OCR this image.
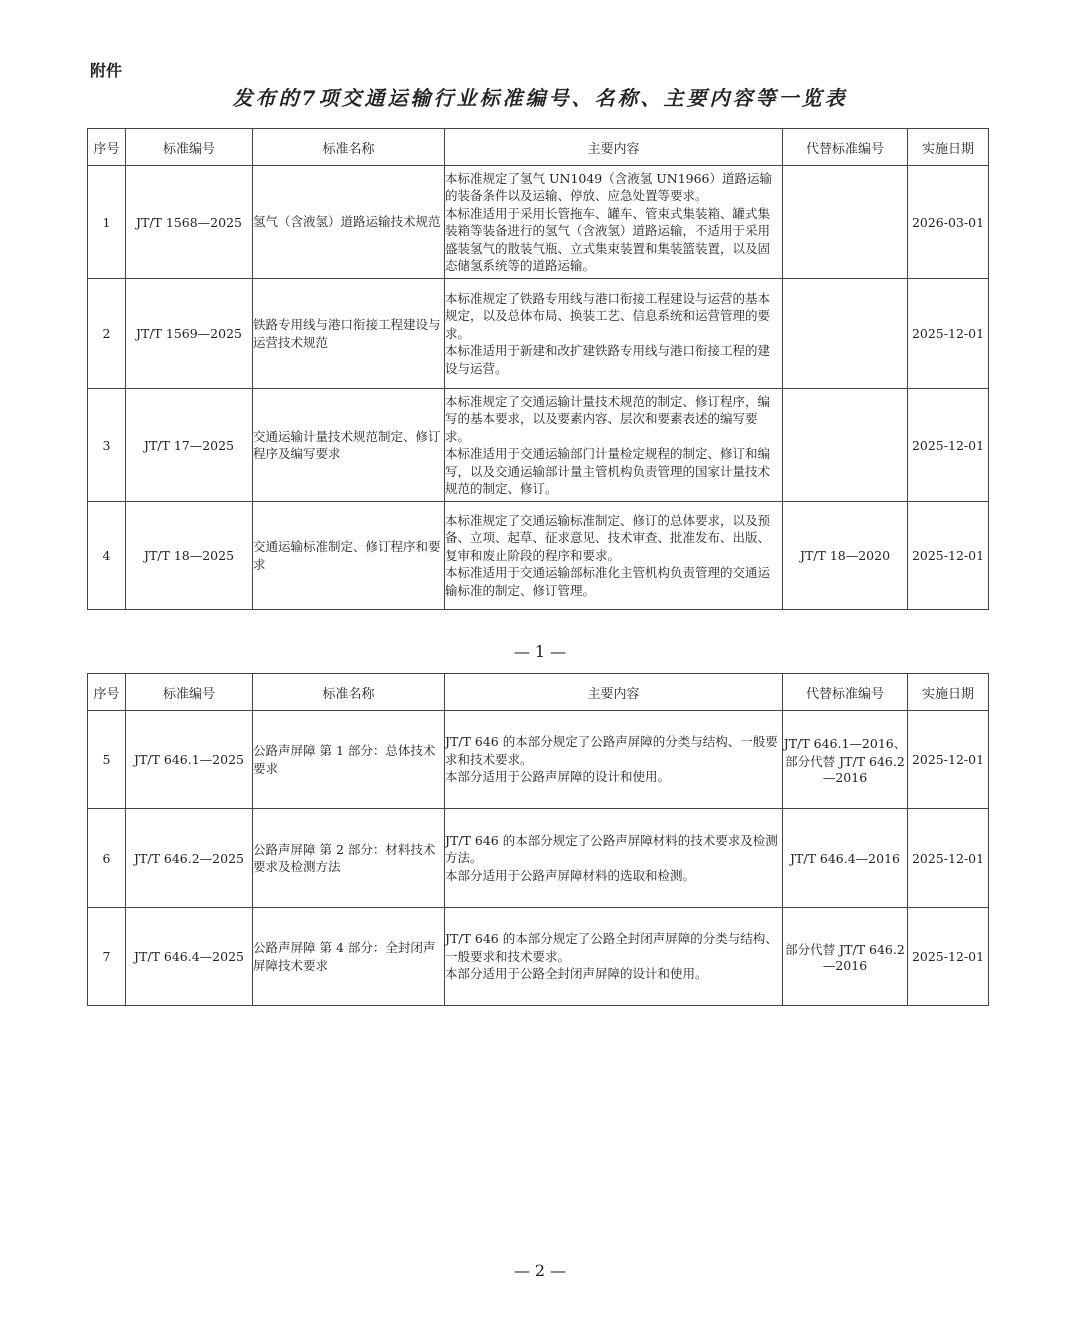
附件
发布的7项交通运输行业标准编号、名称、主要内容等一览表
序号	标准编号	标准名称	主要内容	代替标准编号	实施日期
1	JT/T 1568—2025	氢气（含液氢）道路运输技术规范	本标准规定了氢气 UN1049（含液氢 UN1966）道路运输的装备条件以及运输、停放、应急处置等要求。

本标准适用于采用长管拖车、罐车、管束式集装箱、罐式集装箱等装备进行的氢气（含液氢）道路运输，不适用于采用盛装氢气的散装气瓶、立式集束装置和集装篮装置，以及固态储氢系统等的道路运输。		2026-03-01
2	JT/T 1569—2025	铁路专用线与港口衔接工程建设与运营技术规范	本标准规定了铁路专用线与港口衔接工程建设与运营的基本规定，以及总体布局、换装工艺、信息系统和运营管理的要求。

本标准适用于新建和改扩建铁路专用线与港口衔接工程的建设与运营。		2025-12-01
3	JT/T 17—2025	交通运输计量技术规范制定、修订程序及编写要求	本标准规定了交通运输计量技术规范的制定、修订程序，编写的基本要求，以及要素内容、层次和要素表述的编写要求。

本标准适用于交通运输部门计量检定规程的制定、修订和编写，以及交通运输部计量主管机构负责管理的国家计量技术规范的制定、修订。		2025-12-01
4	JT/T 18—2025	交通运输标准制定、修订程序和要求	本标准规定了交通运输标准制定、修订的总体要求，以及预备、立项、起草、征求意见、技术审查、批准发布、出版、复审和废止阶段的程序和要求。

本标准适用于交通运输部标准化主管机构负责管理的交通运输标准的制定、修订管理。	JT/T 18—2020	2025-12-01
— 1 —
序号	标准编号	标准名称	主要内容	代替标准编号	实施日期
5	JT/T 646.1—2025	公路声屏障 第 1 部分：总体技术要求	JT/T 646 的本部分规定了公路声屏障的分类与结构、一般要求和技术要求。

本部分适用于公路声屏障的设计和使用。	JT/T 646.1—2016、部分代替 JT/T 646.2—2016	2025-12-01
6	JT/T 646.2—2025	公路声屏障 第 2 部分：材料技术要求及检测方法	JT/T 646 的本部分规定了公路声屏障材料的技术要求及检测方法。

本部分适用于公路声屏障材料的选取和检测。	JT/T 646.4—2016	2025-12-01
7	JT/T 646.4—2025	公路声屏障 第 4 部分：全封闭声屏障技术要求	JT/T 646 的本部分规定了公路全封闭声屏障的分类与结构、一般要求和技术要求。

本部分适用于公路全封闭声屏障的设计和使用。	部分代替 JT/T 646.2—2016	2025-12-01
— 2 —
